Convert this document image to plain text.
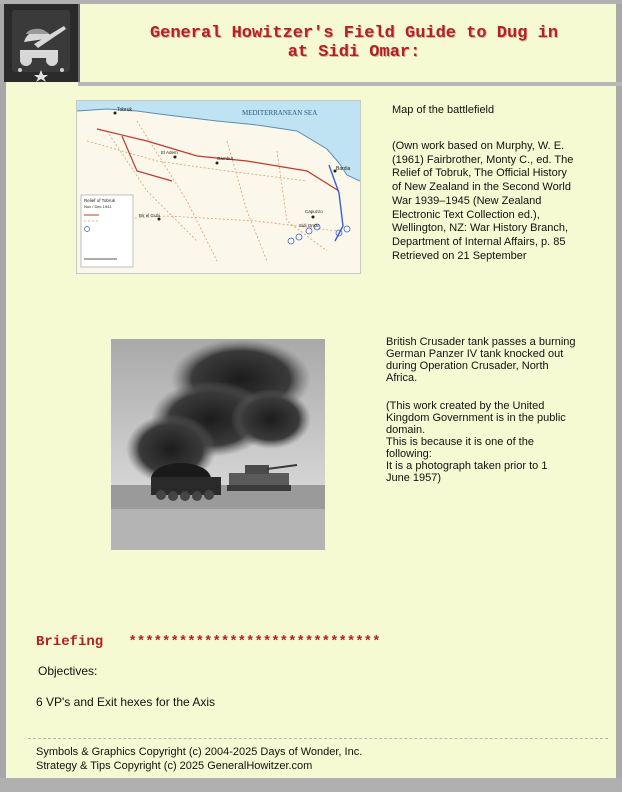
General Howitzer's Field Guide to Dug in
at Sidi Omar:
MEDITERRANEAN SEA
Tobruk
Bardia
Sidi Omar
El Adem
Gambut
Bir el Gubi
Capuzzo
Relief of Tobruk
Nov / Dec 1941
Map of the battlefield
(Own work based on Murphy, W. E. (1961) Fairbrother, Monty C., ed. The Relief of Tobruk, The Official History of New Zealand in the Second World War 1939–1945 (New Zealand Electronic Text Collection ed.), Wellington, NZ: War History Branch, Department of Internal Affairs, p. 85 Retrieved on 21 September
British Crusader tank passes a burning German Panzer IV tank knocked out during Operation Crusader, North Africa.
(This work created by the United Kingdom Government is in the public domain.
This is because it is one of the following:
It is a photograph taken prior to 1 June 1957)
Briefing ******************************
Objectives:
6 VP's and Exit hexes for the Axis
Symbols & Graphics Copyright (c) 2004-2025 Days of Wonder, Inc.
Strategy & Tips Copyright (c) 2025 GeneralHowitzer.com
